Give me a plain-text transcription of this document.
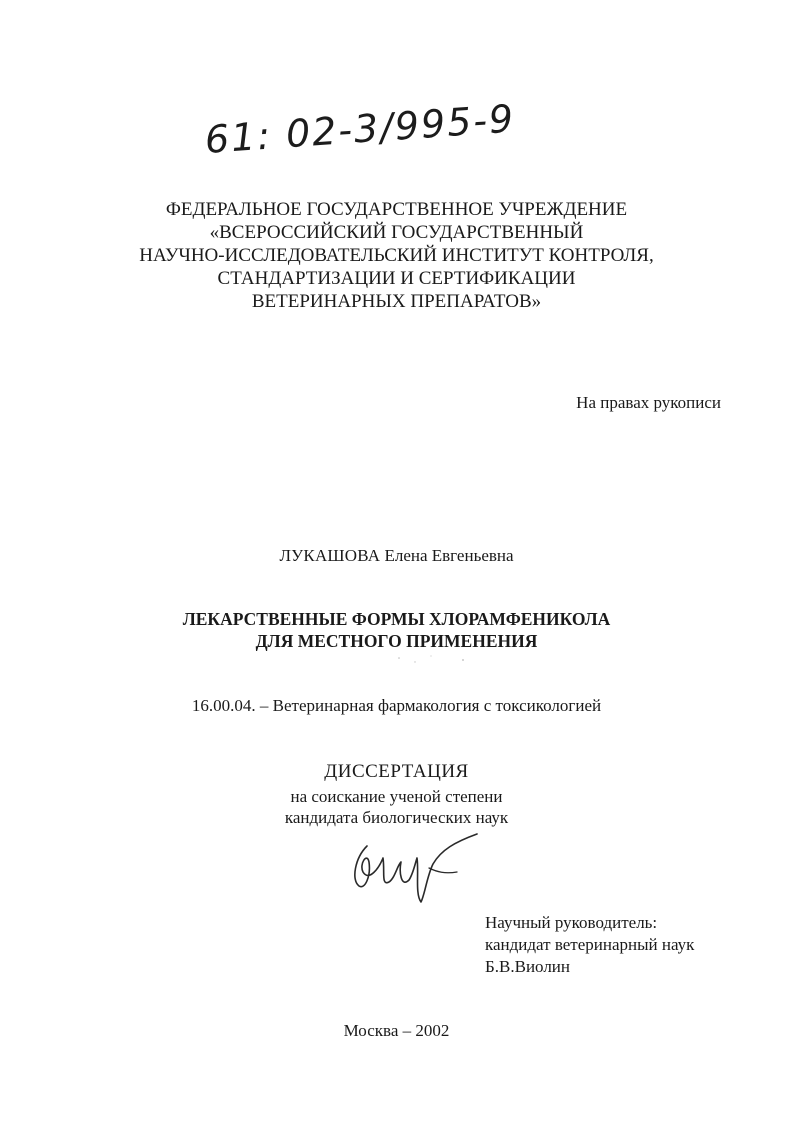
61: 02-3/995-9
ФЕДЕРАЛЬНОЕ ГОСУДАРСТВЕННОЕ УЧРЕЖДЕНИЕ
«ВСЕРОССИЙСКИЙ ГОСУДАРСТВЕННЫЙ
НАУЧНО-ИССЛЕДОВАТЕЛЬСКИЙ ИНСТИТУТ КОНТРОЛЯ,
СТАНДАРТИЗАЦИИ И СЕРТИФИКАЦИИ
ВЕТЕРИНАРНЫХ ПРЕПАРАТОВ»
На правах рукописи
ЛУКАШОВА Елена Евгеньевна
ЛЕКАРСТВЕННЫЕ ФОРМЫ ХЛОРАМФЕНИКОЛА
ДЛЯ МЕСТНОГО ПРИМЕНЕНИЯ
16.00.04. – Ветеринарная фармакология с токсикологией
ДИССЕРТАЦИЯ
на соискание ученой степени
кандидата биологических наук
Научный руководитель:
кандидат ветеринарный наук
Б.В.Виолин
Москва – 2002
